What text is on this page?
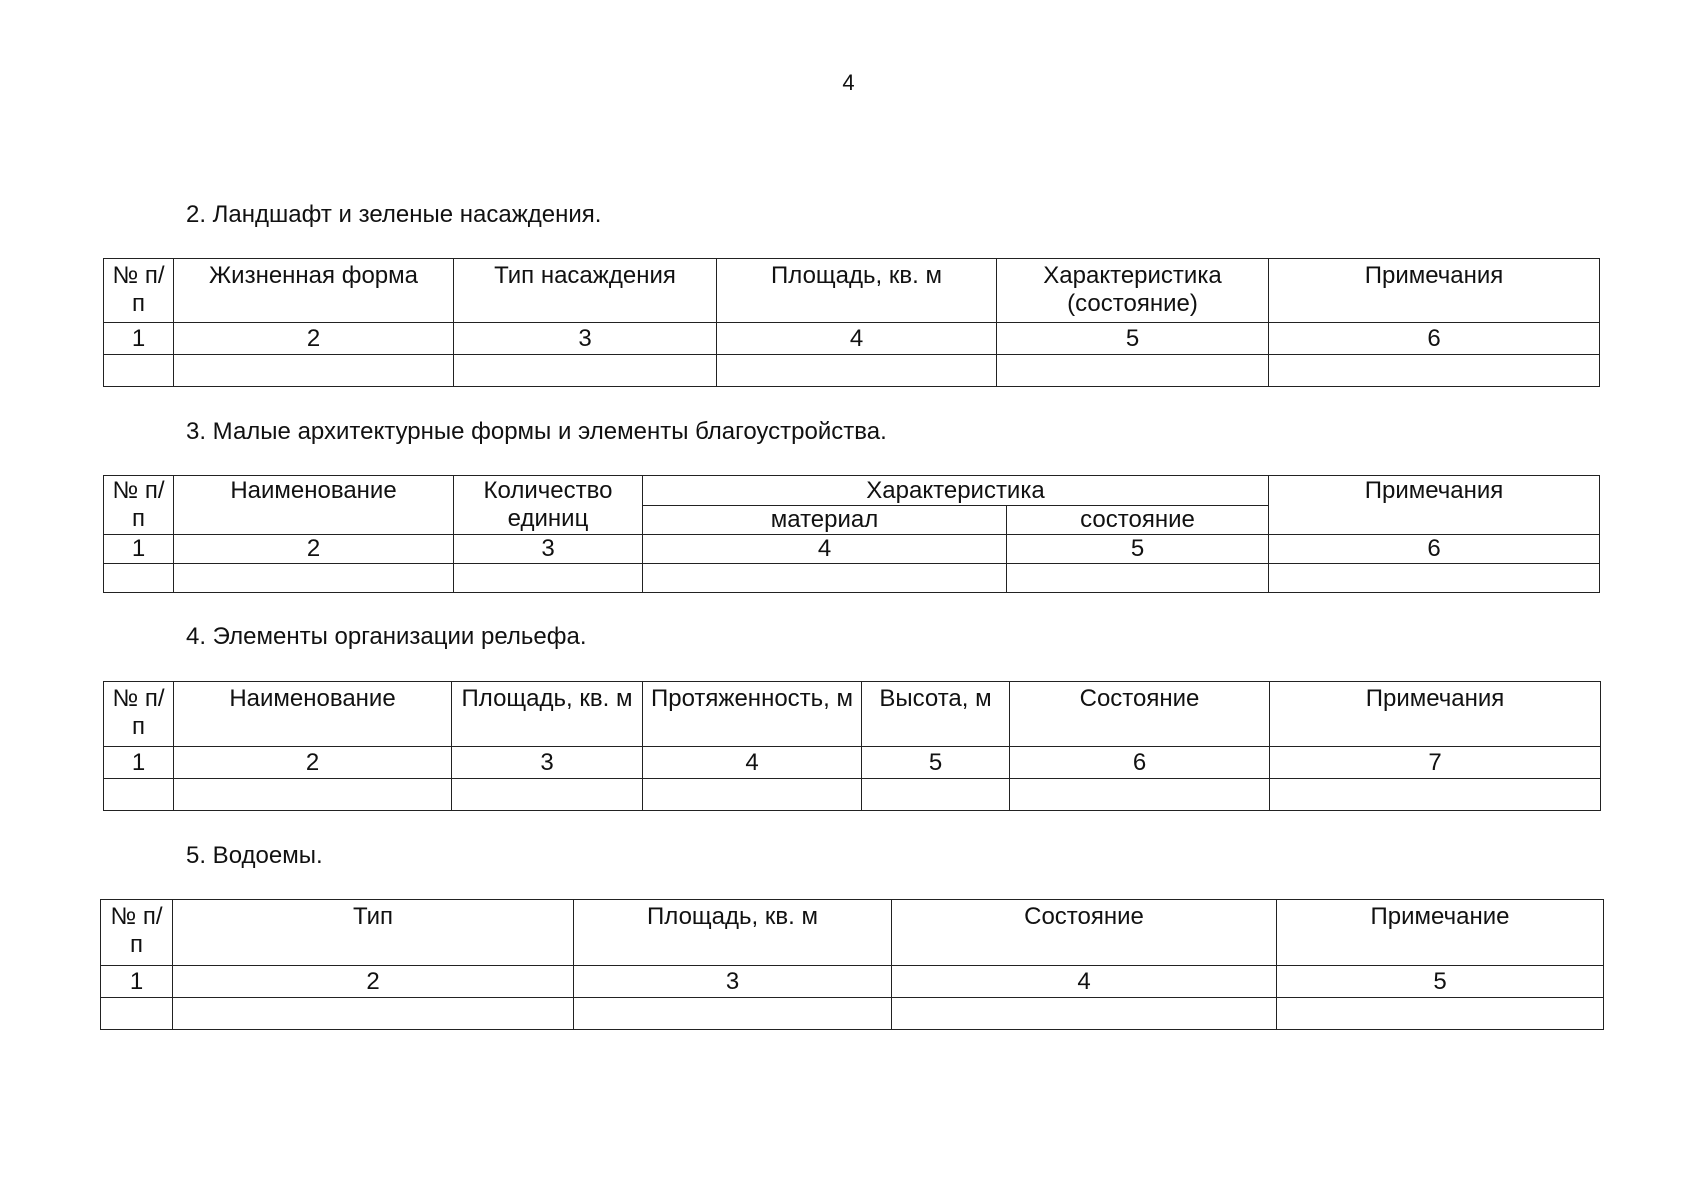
4
2. Ландшафт и зеленые насаждения.
№ п/п	Жизненная форма	Тип насаждения	Площадь, кв. м	Характеристика (состояние)	Примечания

1	2	3	4	5	6

3. Малые архитектурные формы и элементы благоустройства.
№ п/п	Наименование	Количество единиц	Характеристика		Примечания

			материал	состояние	
1	2	3	4	5	6

4. Элементы организации рельефа.
№ п/п	Наименование	Площадь, кв. м	Протяженность, м	Высота, м	Состояние	Примечания

1	2	3	4	5	6	7

5. Водоемы.
№ п/п	Тип	Площадь, кв. м	Состояние	Примечание

1	2	3	4	5
